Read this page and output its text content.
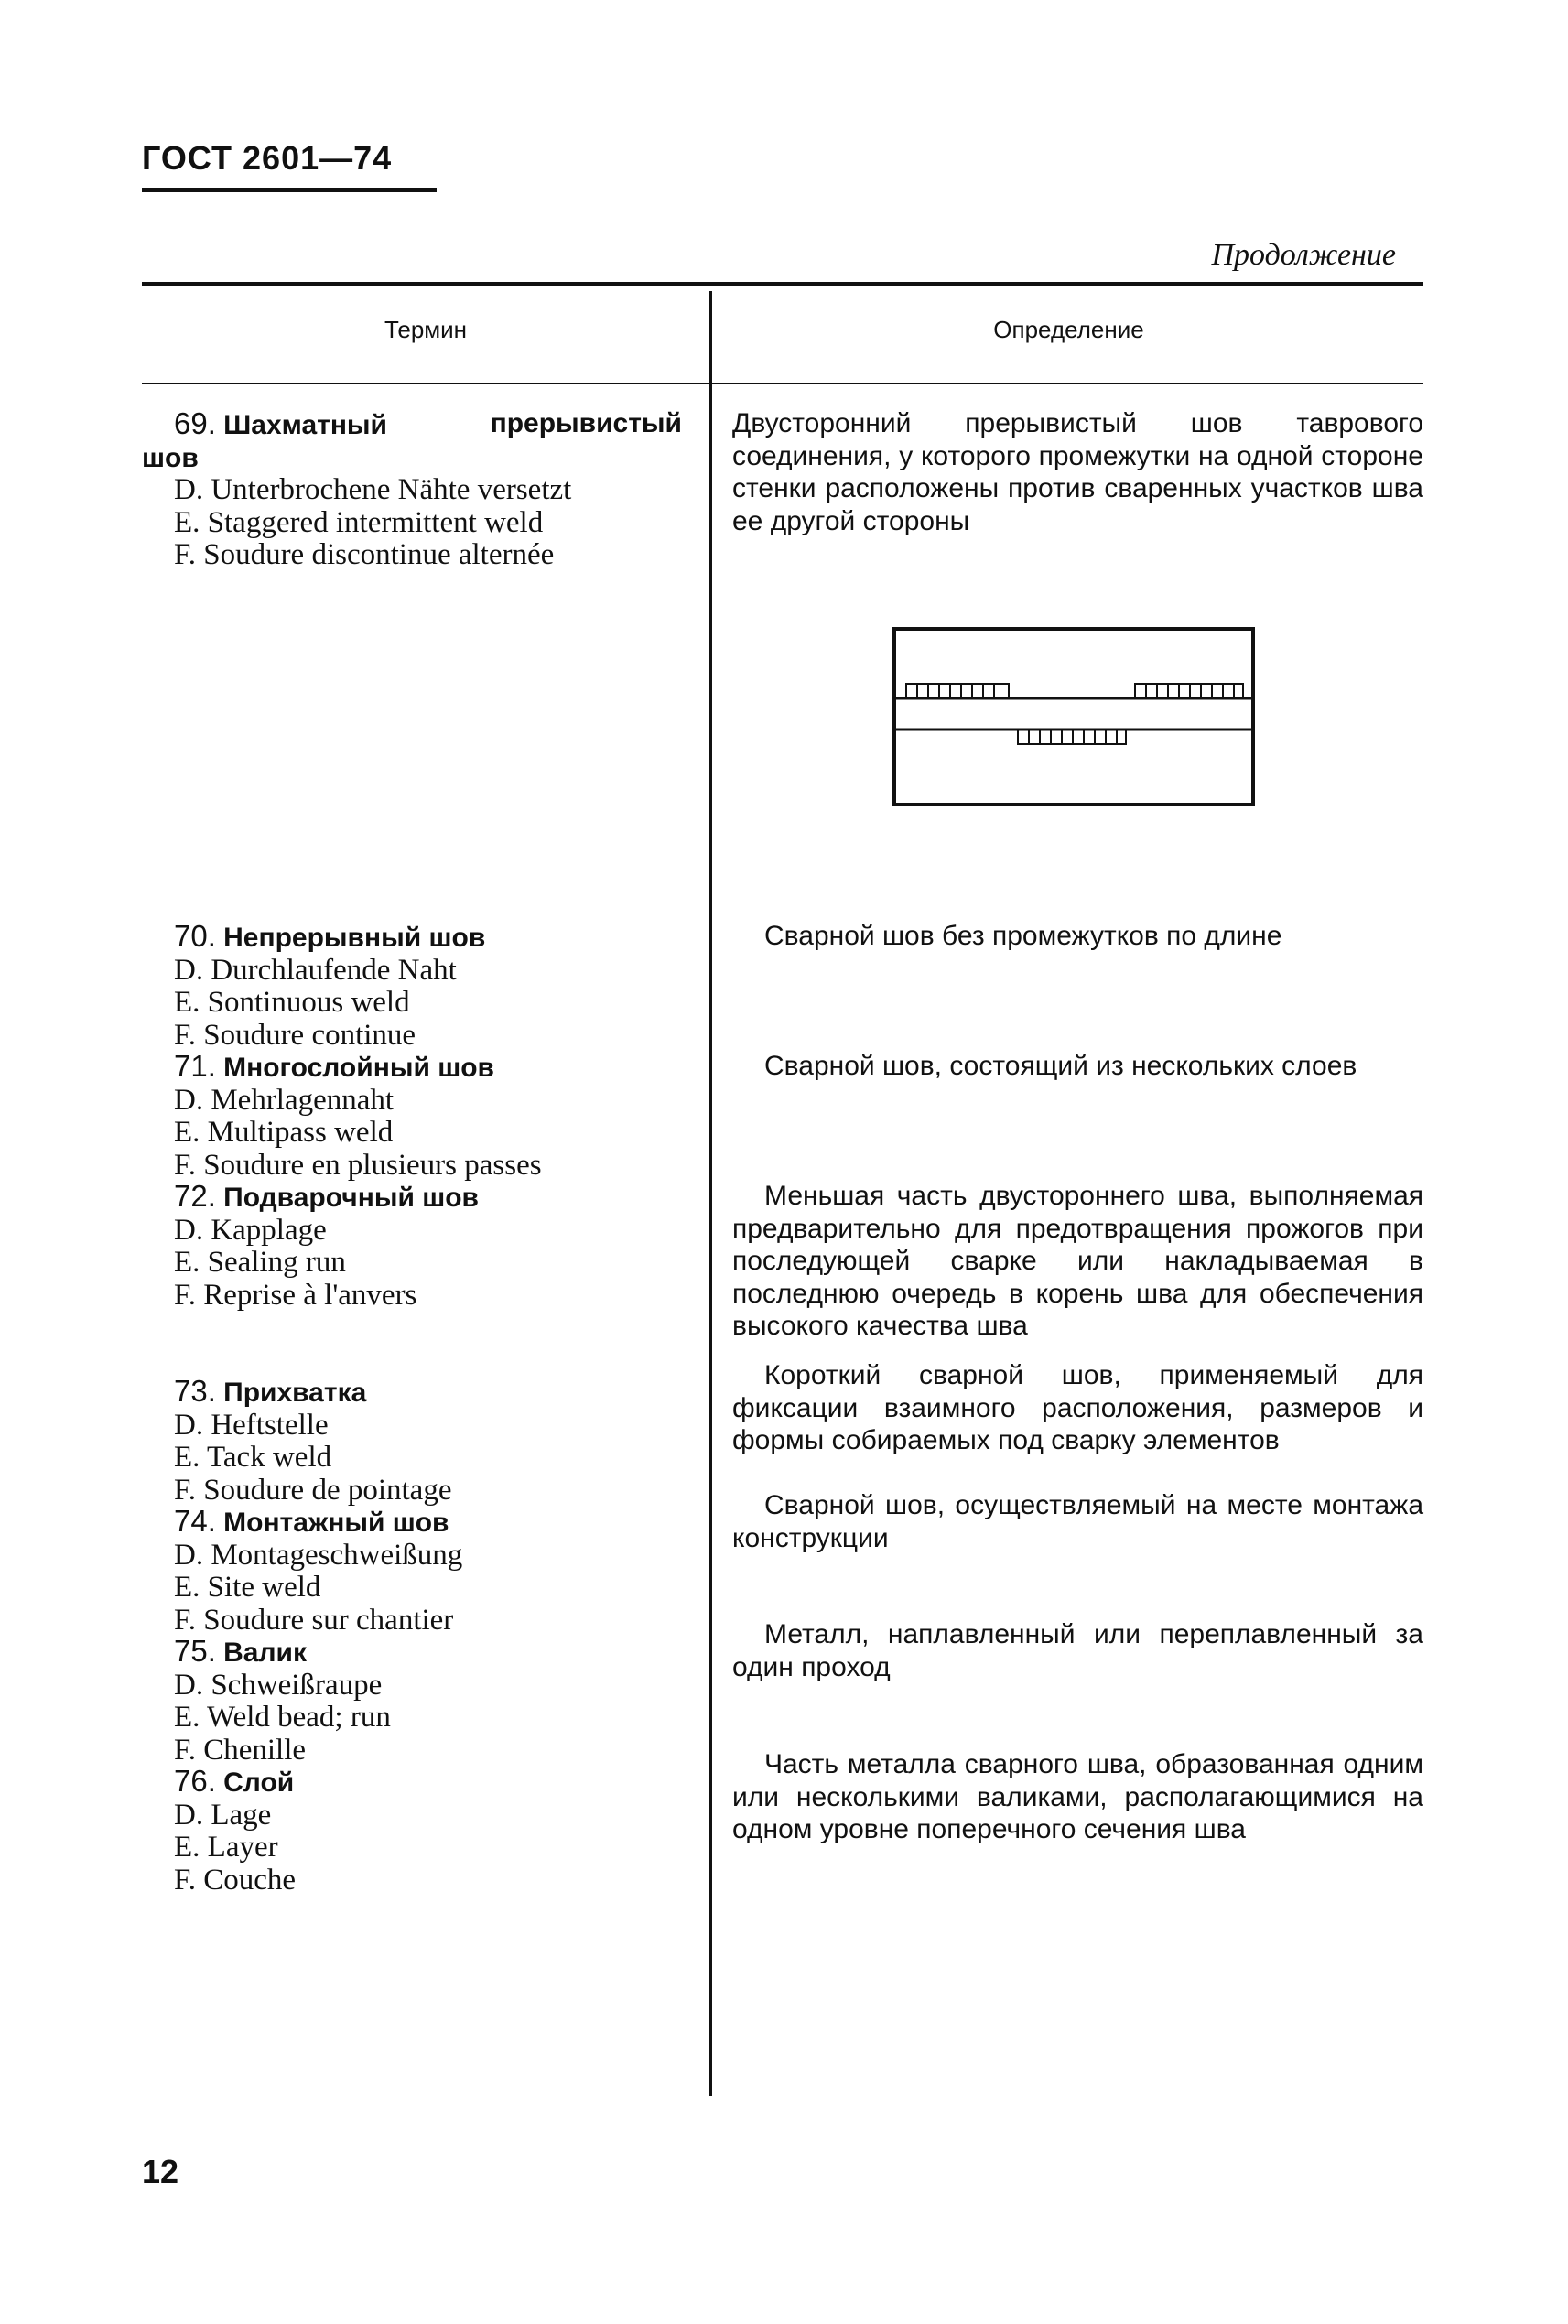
ГОСТ 2601—74
Продолжение
Термин	Определение
69. Шахматный	прерывистый
шов
D. Unterbrochene Nähte versetzt
E. Staggered intermittent weld
F. Soudure discontinue alternée
Двусторонний прерывистый шов таврового соединения, у которого промежутки на одной стороне стенки расположены против сваренных участков шва ее другой стороны
70. Непрерывный шов
D. Durchlaufende Naht
E. Sontinuous weld
F. Soudure continue
Сварной шов без промежутков по длине
71. Многослойный шов
D. Mehrlagennaht
E. Multipass weld
F. Soudure en plusieurs passes
Сварной шов, состоящий из нескольких слоев
72. Подварочный шов
D. Kapplage
E. Sealing run
F. Reprise à l'anvers
Меньшая часть двустороннего шва, выполняемая предварительно для предотвращения прожогов при последующей сварке или накладываемая в последнюю очередь в корень шва для обеспечения высокого качества шва
73. Прихватка
D. Heftstelle
E. Tack weld
F. Soudure de pointage
Короткий сварной шов, применяемый для фиксации взаимного расположения, размеров и формы собираемых под сварку элементов
74. Монтажный шов
D. Montageschweißung
E. Site weld
F. Soudure sur chantier
Сварной шов, осуществляемый на месте монтажа конструкции
75. Валик
D. Schweißraupe
E. Weld bead; run
F. Chenille
Металл, наплавленный или переплавленный за один проход
76. Слой
D. Lage
E. Layer
F. Couche
Часть металла сварного шва, образованная одним или несколькими валиками, располагающимися на одном уровне поперечного сечения шва
12
